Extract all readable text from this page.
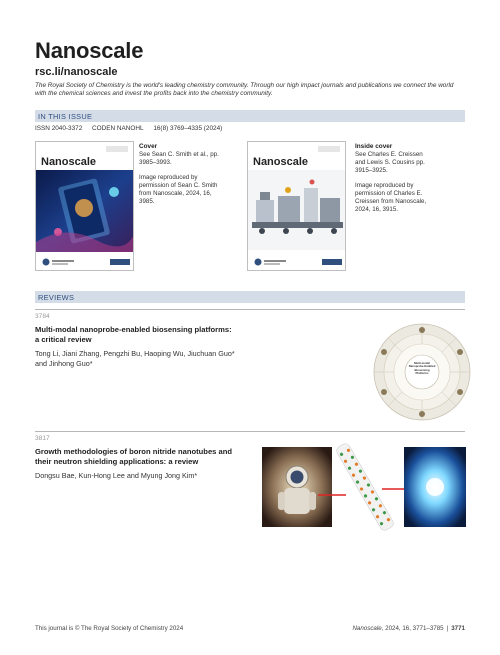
Nanoscale
rsc.li/nanoscale
The Royal Society of Chemistry is the world's leading chemistry community. Through our high impact journals and publications we connect the world with the chemical sciences and invest the profits back into the chemistry community.
IN THIS ISSUE
ISSN 2040-3372 CODEN NANOHL 16(8) 3769–4335 (2024)
Nanoscale

Cover
See Sean C. Smith et al., pp. 3985–3993.

Image reproduced by permission of Sean C. Smith from Nanoscale, 2024, 16, 3985.

Nanoscale

Inside cover
See Charles E. Creissen and Lewis S. Cousins pp. 3915–3925.

Image reproduced by permission of Charles E. Creissen from Nanoscale, 2024, 16, 3915.

REVIEWS
3784
Multi-modal nanoprobe-enabled biosensing platforms: a critical review
Tong Li, Jiani Zhang, Pengzhi Bu, Haoping Wu, Jiuchuan Guo* and Jinhong Guo*	Multi-modal Nanoprobe-Enabled Biosensing Platforms
3817
Growth methodologies of boron nitride nanotubes and their neutron shielding applications: a review
Dongsu Bae, Kun-Hong Lee and Myung Jong Kim*
This journal is © The Royal Society of Chemistry 2024	Nanoscale, 2024, 16, 3771–3785 | 3771
